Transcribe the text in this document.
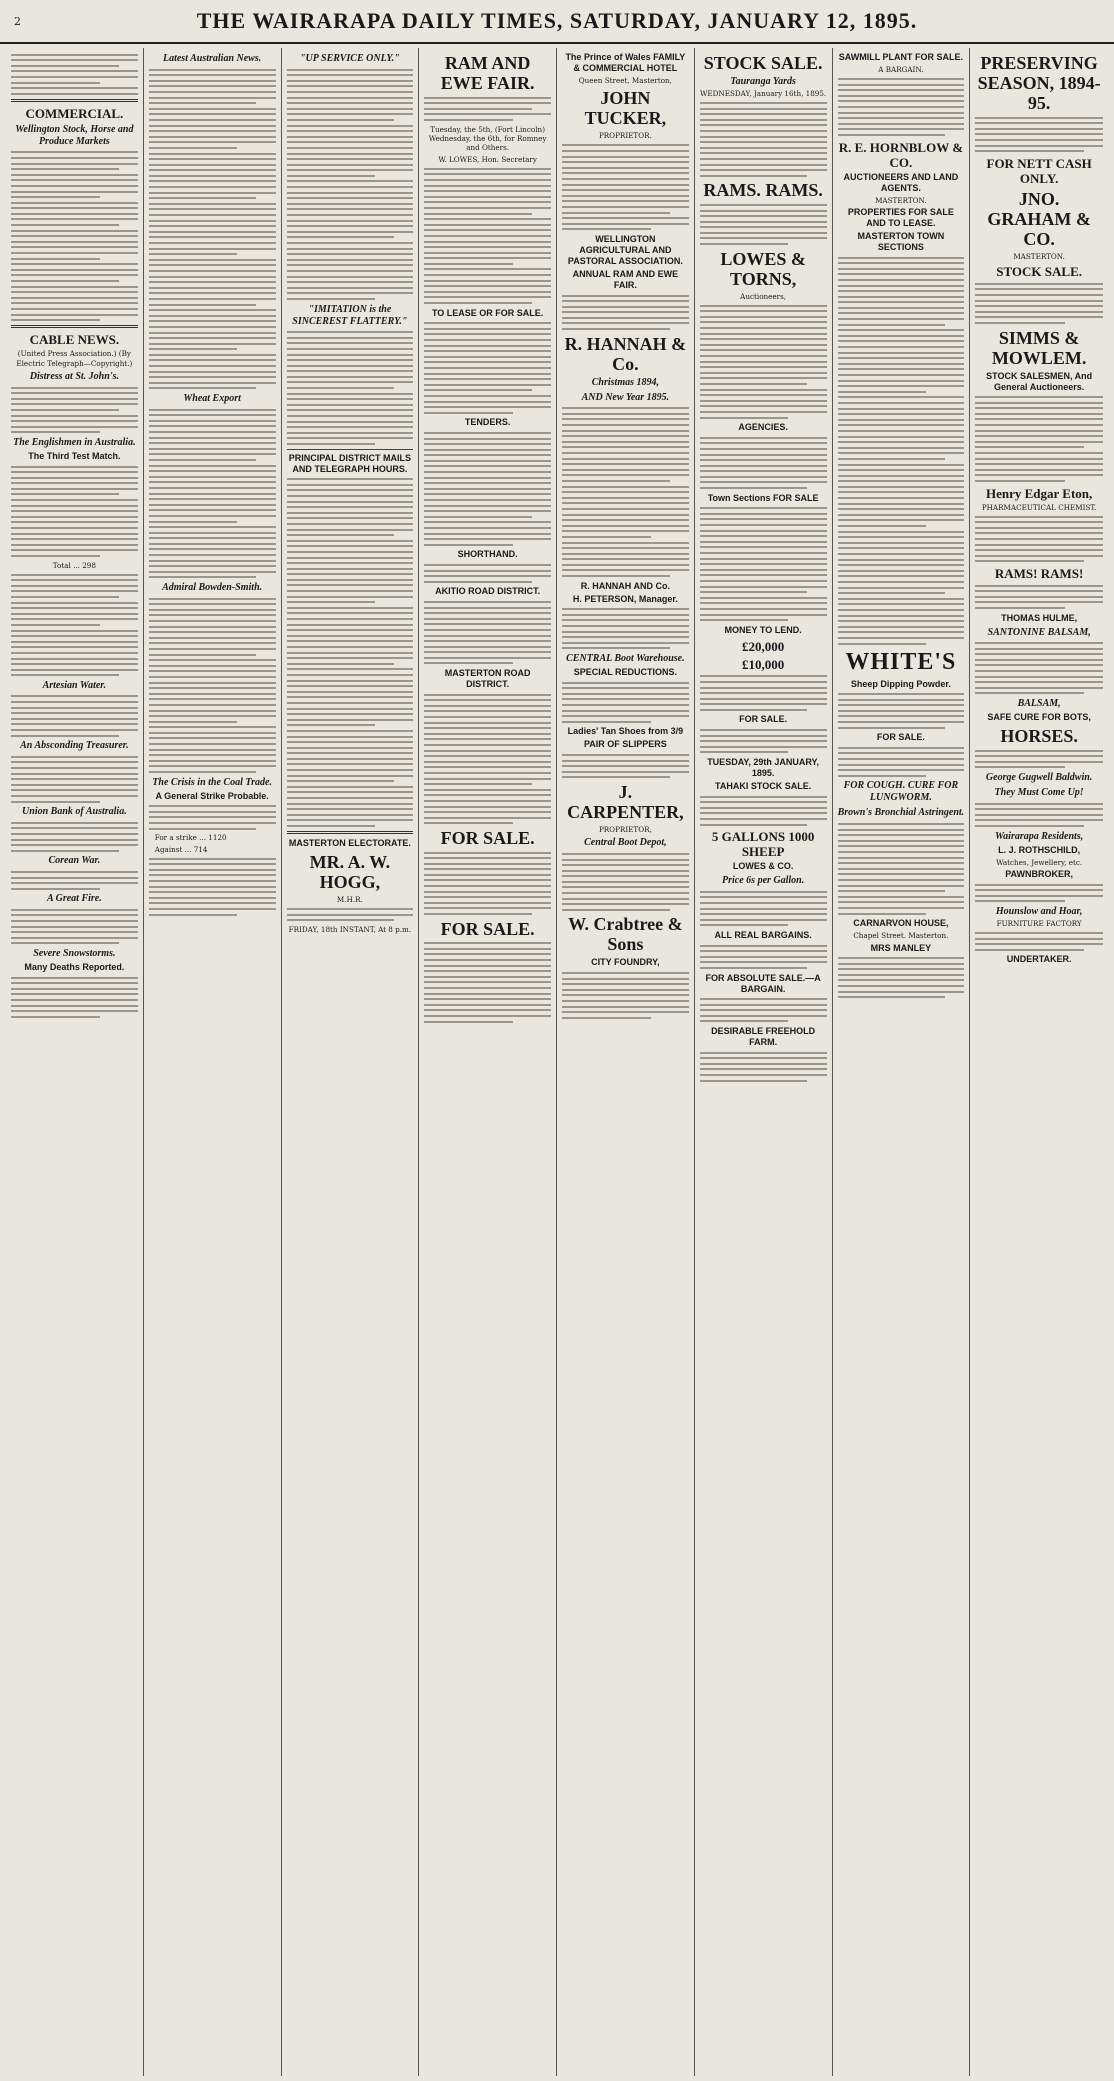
2	THE WAIRARAPA DAILY TIMES, SATURDAY, JANUARY 12, 1895.
COMMERCIAL.
Wellington Stock, Horse and Produce Markets
CABLE NEWS.

(United Press Association.) (By Electric Telegraph—Copyright.)

Distress at St. John's.
The Englishmen in Australia.
The Third Test Match.

Total ... 298

Artesian Water.
An Absconding Treasurer.
Union Bank of Australia.
Corean War.
A Great Fire.
Severe Snowstorms.
Many Deaths Reported.
Latest Australian News.
Wheat Export
Admiral Bowden-Smith.
The Crisis in the Coal Trade.
A General Strike Probable.

For a strike ... 1120

Against ... 714

"UP SERVICE ONLY."
"IMITATION is the SINCEREST FLATTERY."
PRINCIPAL DISTRICT MAILS AND TELEGRAPH HOURS.
MASTERTON ELECTORATE.
MR. A. W. HOGG,

M.H.R.

FRIDAY, 18th INSTANT, At 8 p.m.

RAM AND EWE FAIR.

Tuesday, the 5th, (Fort Lincoln) Wednesday, the 6th, for Romney and Others.

W. LOWES, Hon. Secretary

TO LEASE OR FOR SALE.
TENDERS.
SHORTHAND.
AKITIO ROAD DISTRICT.
MASTERTON ROAD DISTRICT.
FOR SALE.
FOR SALE.
The Prince of Wales FAMILY & COMMERCIAL HOTEL

Queen Street, Masterton,

JOHN TUCKER,

PROPRIETOR.

WELLINGTON AGRICULTURAL AND PASTORAL ASSOCIATION.
ANNUAL RAM AND EWE FAIR.
R. HANNAH & Co.
Christmas 1894,
AND New Year 1895.
R. HANNAH AND Co.
H. PETERSON, Manager.
CENTRAL Boot Warehouse.
SPECIAL REDUCTIONS.
Ladies' Tan Shoes from 3/9
PAIR OF SLIPPERS
J. CARPENTER,

PROPRIETOR,

Central Boot Depot,
W. Crabtree & Sons
CITY FOUNDRY,
STOCK SALE.
Tauranga Yards

WEDNESDAY, January 16th, 1895.

RAMS. RAMS.
LOWES & TORNS,

Auctioneers,

AGENCIES.
Town Sections FOR SALE
MONEY TO LEND.
£20,000
£10,000
FOR SALE.
TUESDAY, 29th JANUARY, 1895.
TAHAKI STOCK SALE.
5 GALLONS 1000 SHEEP
LOWES & CO.
Price 6s per Gallon.
ALL REAL BARGAINS.
FOR ABSOLUTE SALE.—A BARGAIN.
DESIRABLE FREEHOLD FARM.
SAWMILL PLANT FOR SALE.

A BARGAIN.

R. E. HORNBLOW & CO.
AUCTIONEERS AND LAND AGENTS.

MASTERTON.

PROPERTIES FOR SALE AND TO LEASE.
MASTERTON TOWN SECTIONS
WHITE'S
Sheep Dipping Powder.
FOR SALE.
FOR COUGH. CURE FOR LUNGWORM.
Brown's Bronchial Astringent.
CARNARVON HOUSE,

Chapel Street. Masterton.

MRS MANLEY
PRESERVING SEASON, 1894-95.
FOR NETT CASH ONLY.
JNO. GRAHAM & CO.

MASTERTON.

STOCK SALE.
SIMMS & MOWLEM.
STOCK SALESMEN, And General Auctioneers.
Henry Edgar Eton,

PHARMACEUTICAL CHEMIST.

RAMS! RAMS!
THOMAS HULME,
SANTONINE BALSAM,
BALSAM,
SAFE CURE FOR BOTS,
HORSES.
George Gugwell Baldwin.
They Must Come Up!
Wairarapa Residents,
L. J. ROTHSCHILD,

Watches, Jewellery, etc.

PAWNBROKER,
Hounslow and Hoar,

FURNITURE FACTORY

UNDERTAKER.
